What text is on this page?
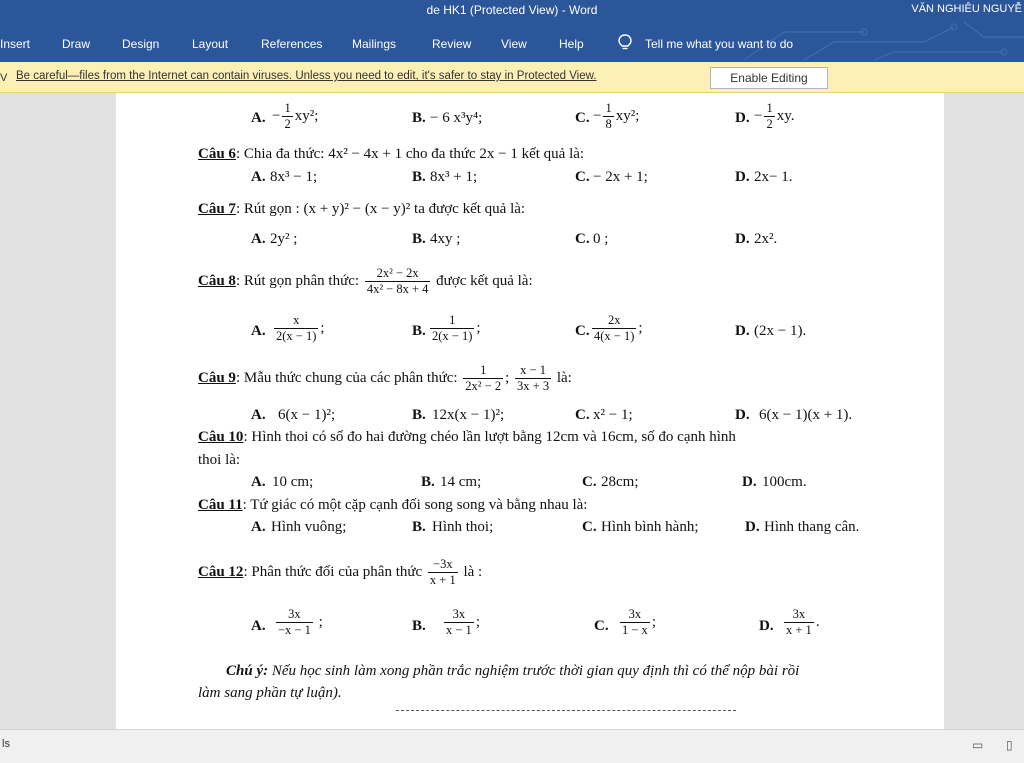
de HK1 (Protected View) - Word	VĂN NGHIÊU NGUYỄ
Insert	Draw	Design	Layout	References Mailings	Review View	Help	Tell me what you want to do
V Be careful—files from the Internet can contain viruses. Unless you need to edit, it's safer to stay in Protected View.	Enable Editing
A. − $\frac{1}{2} xy^2$;	B. − 6 x³y⁴;	C. − $\frac{1}{8} xy^2$;	D. − $\frac{1}{2}$ xy.
Câu 6: Chia đa thức: 4x² − 4x + 1 cho đa thức 2x − 1 kết quả là:
A. 8x³ − 1;	B. 8x³ + 1;	C. − 2x + 1;	D. 2x− 1.
Câu 7: Rút gọn : (x + y)² − (x − y)² ta được kết quả là:
A. 2y² ;	B. 4xy ;	C. 0 ;	D. 2x².
Câu 8: Rút gọn phân thức: $\frac{\text{2x² − 2x}}{\text{4x² − 8x + 4}}$ được kết quả là:
A. $\frac{x}{2(x - 1)}$ ;	B. $\frac{1}{2(x - 1)}$ ;	C. $\frac{2x}{4(x - 1)}$ ;	D. (2x − 1).
Câu 9: Mẫu thức chung của các phân thức: $\frac{1}{\text{2x² − 2}}$ ; $\frac{x - 1}{3x + 3}$ là:
A. 6(x − 1)²;	B. 12x(x − 1)²;	C. x² − 1;	D. 6(x − 1)(x + 1).
Câu 10: Hình thoi có số đo hai đường chéo lần lượt bằng 12cm và 16cm, số đo cạnh hình
thoi là:
A. 10 cm;	B. 14 cm;	C. 28cm;	D. 100cm.
Câu 11: Tứ giác có một cặp cạnh đối song song và bằng nhau là:
A. Hình vuông;	B. Hình thoi;	C. Hình bình hành;	D. Hình thang cân.
Câu 12: Phân thức đối của phân thức $\frac{-3x}{x + 1}$ là :
A. $\frac{3x}{-x - 1}$ ;	B. $\frac{3x}{x - 1}$ ;	C. $\frac{3x}{1 - x}$ ;	D. $\frac{3x}{x + 1}$ .
Chú ý: Nếu học sinh làm xong phần trắc nghiệm trước thời gian quy định thì có thể nộp bài rồi
làm sang phần tự luận).
ls	▭ ▯
